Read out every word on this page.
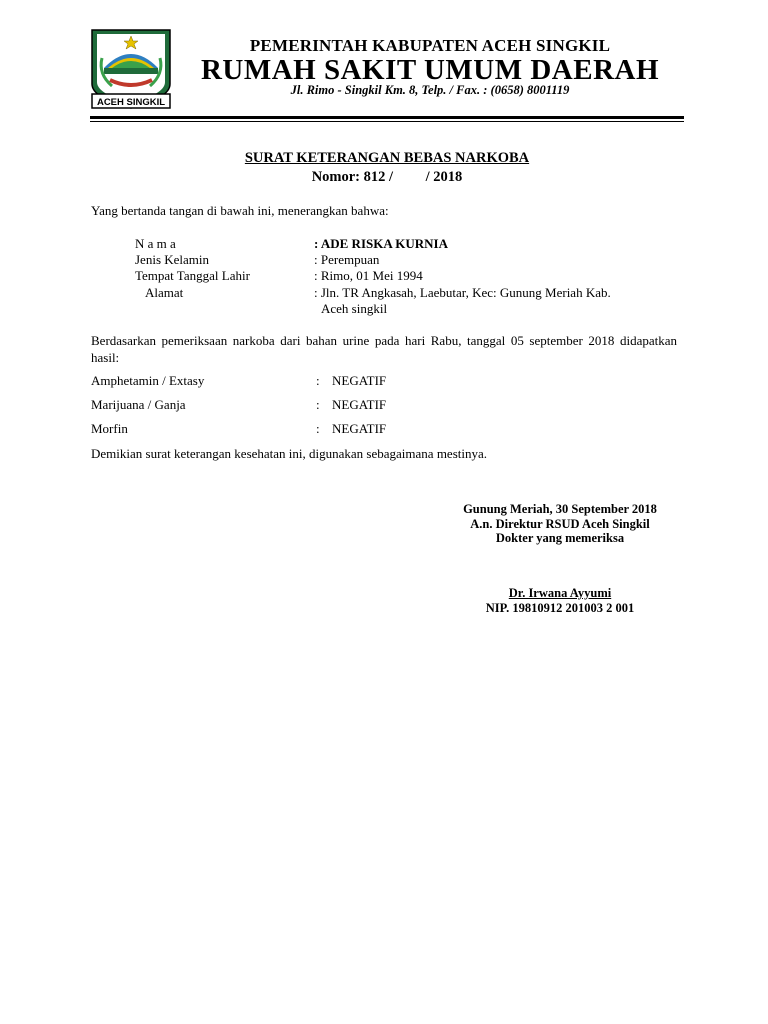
ACEH SINGKIL
PEMERINTAH KABUPATEN ACEH SINGKIL
RUMAH SAKIT UMUM DAERAH
Jl. Rimo - Singkil Km. 8, Telp. / Fax. : (0658) 8001119
SURAT KETERANGAN BEBAS NARKOBA
Nomor: 812 /         / 2018
Yang bertanda tangan di bawah ini, menerangkan bahwa:
N a m a	: ADE RISKA KURNIA
Jenis Kelamin	: Perempuan
Tempat Tanggal Lahir	: Rimo, 01 Mei 1994
Alamat	: Jln. TR Angkasah, Laebutar, Kec: Gunung Meriah Kab.
Aceh singkil
Berdasarkan pemeriksaan narkoba dari bahan urine pada hari Rabu, tanggal 05 september 2018 didapatkan hasil:
Amphetamin / Extasy	: NEGATIF
Marijuana / Ganja	: NEGATIF
Morfin	: NEGATIF
Demikian surat keterangan kesehatan ini, digunakan sebagaimana mestinya.
Gunung Meriah, 30 September 2018
A.n. Direktur RSUD Aceh Singkil
Dokter yang memeriksa
Dr. Irwana Ayyumi
NIP. 19810912 201003 2 001
